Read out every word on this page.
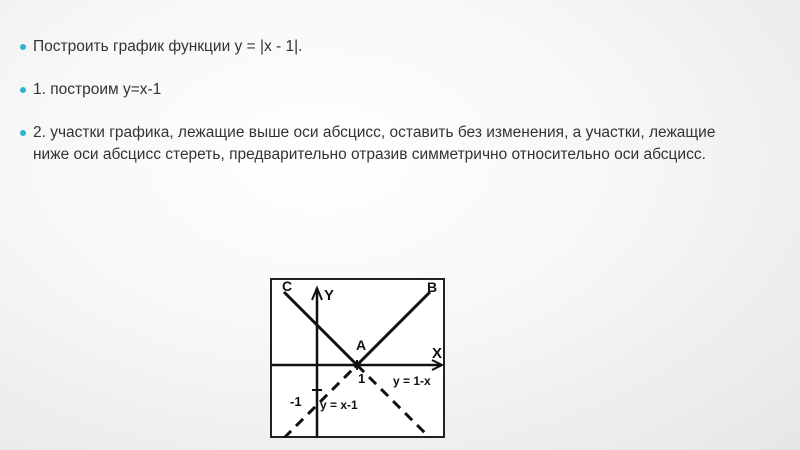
Построить график функции y = |x - 1|.
1. построим y=x-1
2. участки графика, лежащие выше оси абсцисс, оставить без изменения, а участки, лежащие ниже оси абсцисс стереть, предварительно отразив симметрично относительно оси абсцисс.
C
Y	B
A	X
1
-1
y = 1-x
y = x-1
